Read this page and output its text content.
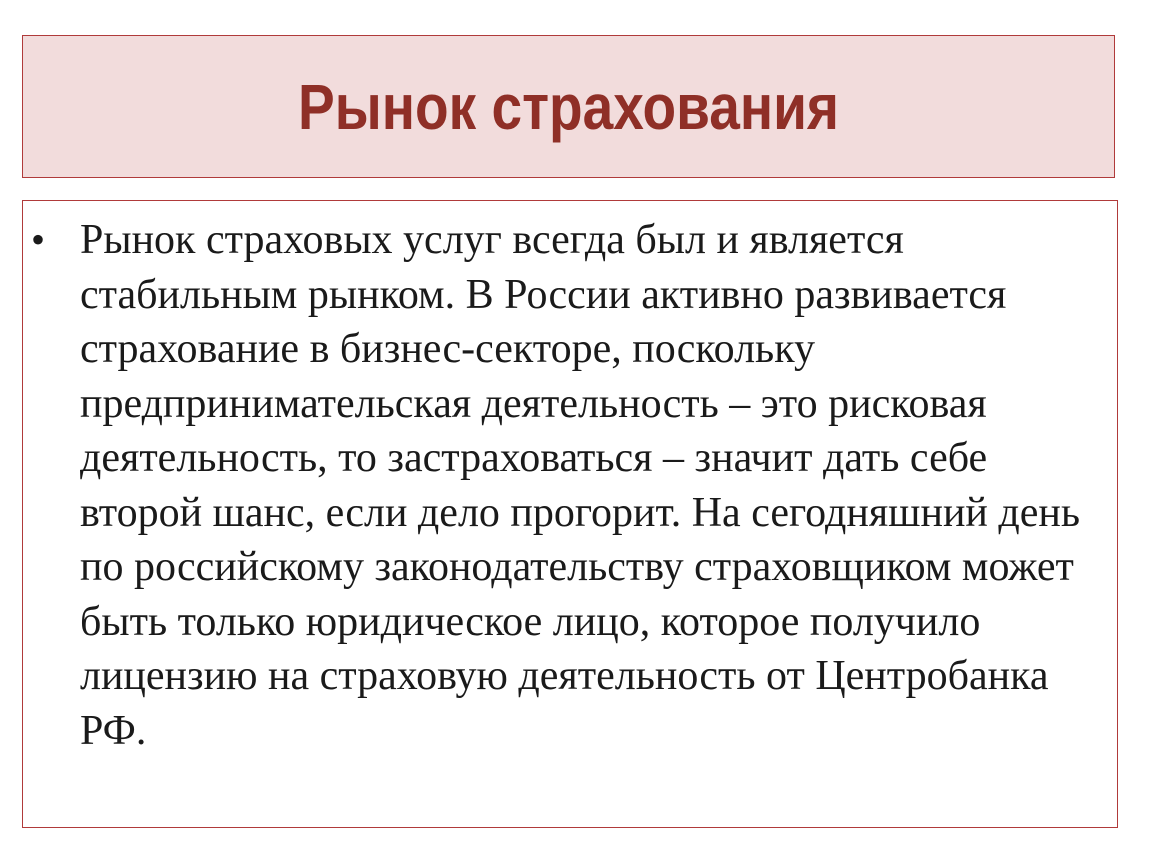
Рынок страхования
• Рынок страховых услуг всегда был и является стабильным рынком. В России активно развивается страхование в бизнес-секторе, поскольку предпринимательская деятельность – это рисковая деятельность, то застраховаться – значит дать себе второй шанс, если дело прогорит. На сегодняшний день по российскому законодательству страховщиком может быть только юридическое лицо, которое получило лицензию на страховую деятельность от Центробанка РФ.
